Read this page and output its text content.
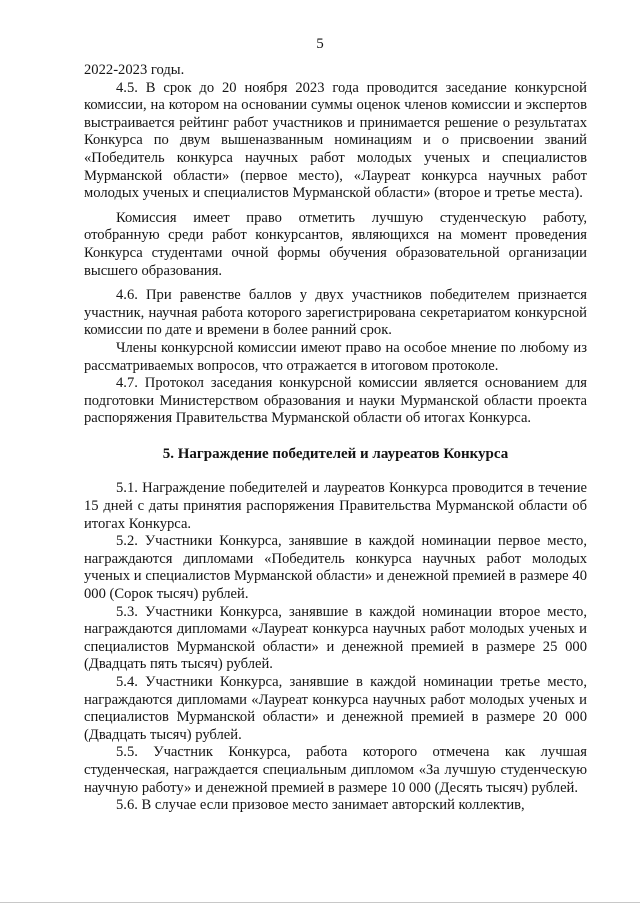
5

2022-2023 годы.

4.5. В срок до 20 ноября 2023 года проводится заседание конкурсной комиссии, на котором на основании суммы оценок членов комиссии и экспертов выстраивается рейтинг работ участников и принимается решение о результатах Конкурса по двум вышеназванным номинациям и о присвоении званий «Победитель конкурса научных работ молодых ученых и специалистов Мурманской области» (первое место), «Лауреат конкурса научных работ молодых ученых и специалистов Мурманской области» (второе и третье места).

Комиссия имеет право отметить лучшую студенческую работу, отобранную среди работ конкурсантов, являющихся на момент проведения Конкурса студентами очной формы обучения образовательной организации высшего образования.

4.6. При равенстве баллов у двух участников победителем признается участник, научная работа которого зарегистрирована секретариатом конкурсной комиссии по дате и времени в более ранний срок.

Члены конкурсной комиссии имеют право на особое мнение по любому из рассматриваемых вопросов, что отражается в итоговом протоколе.

4.7. Протокол заседания конкурсной комиссии является основанием для подготовки Министерством образования и науки Мурманской области проекта распоряжения Правительства Мурманской области об итогах Конкурса.

5. Награждение победителей и лауреатов Конкурса

5.1. Награждение победителей и лауреатов Конкурса проводится в течение 15 дней с даты принятия распоряжения Правительства Мурманской области об итогах Конкурса.

5.2. Участники Конкурса, занявшие в каждой номинации первое место, награждаются дипломами «Победитель конкурса научных работ молодых ученых и специалистов Мурманской области» и денежной премией в размере 40 000 (Сорок тысяч) рублей.

5.3. Участники Конкурса, занявшие в каждой номинации второе место, награждаются дипломами «Лауреат конкурса научных работ молодых ученых и специалистов Мурманской области» и денежной премией в размере 25 000 (Двадцать пять тысяч) рублей.

5.4. Участники Конкурса, занявшие в каждой номинации третье место, награждаются дипломами «Лауреат конкурса научных работ молодых ученых и специалистов Мурманской области» и денежной премией в размере 20 000 (Двадцать тысяч) рублей.

5.5. Участник Конкурса, работа которого отмечена как лучшая студенческая, награждается специальным дипломом «За лучшую студенческую научную работу» и денежной премией в размере 10 000 (Десять тысяч) рублей.

5.6. В случае если призовое место занимает авторский коллектив,
